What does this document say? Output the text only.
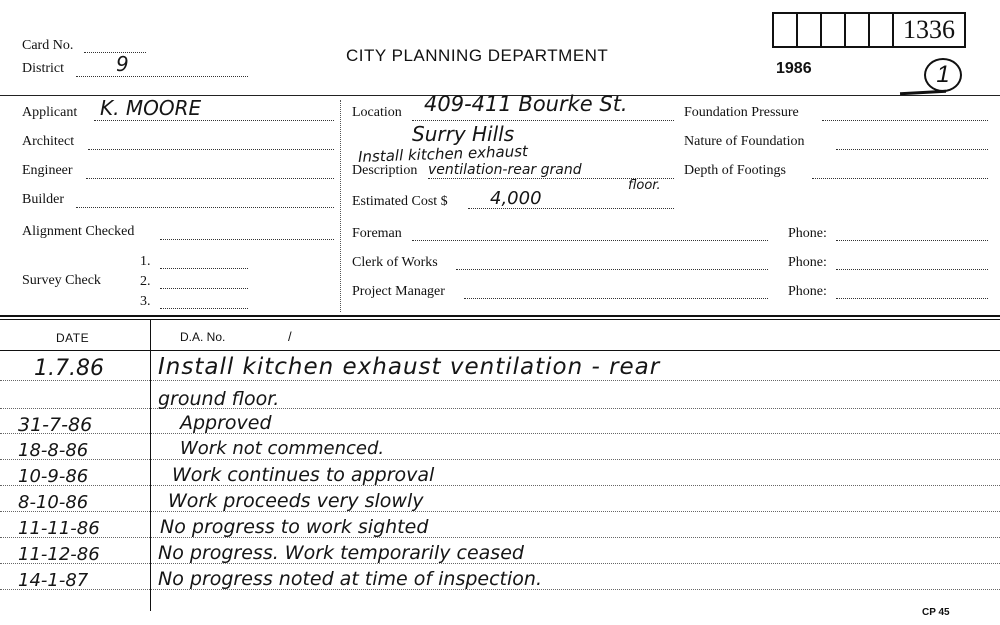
Card No.
District	9	CITY PLANNING DEPARTMENT
1986
1336
1
Applicant K. MOORE
Architect
Engineer
Builder
Alignment Checked
Survey Check
1.
2.
3.
Location 409-411 Bourke St.
Surry Hills
Description
Install kitchen exhaust
ventilation-rear grand
floor.
Estimated Cost $ 4,000
Foreman
Clerk of Works
Project Manager
Foundation Pressure
Nature of Foundation
Depth of Footings
Phone:
Phone:
Phone:
DATE	D.A. No.	/
1.7.86 Install kitchen exhaust ventilation - rear
ground floor.
31-7-86	Approved
18-8-86	Work not commenced.
10-9-86	Work continues to approval
8-10-86	Work proceeds very slowly
11-11-86	No progress to work sighted
11-12-86	No progress. Work temporarily ceased
14-1-87	No progress noted at time of inspection.
CP 45
